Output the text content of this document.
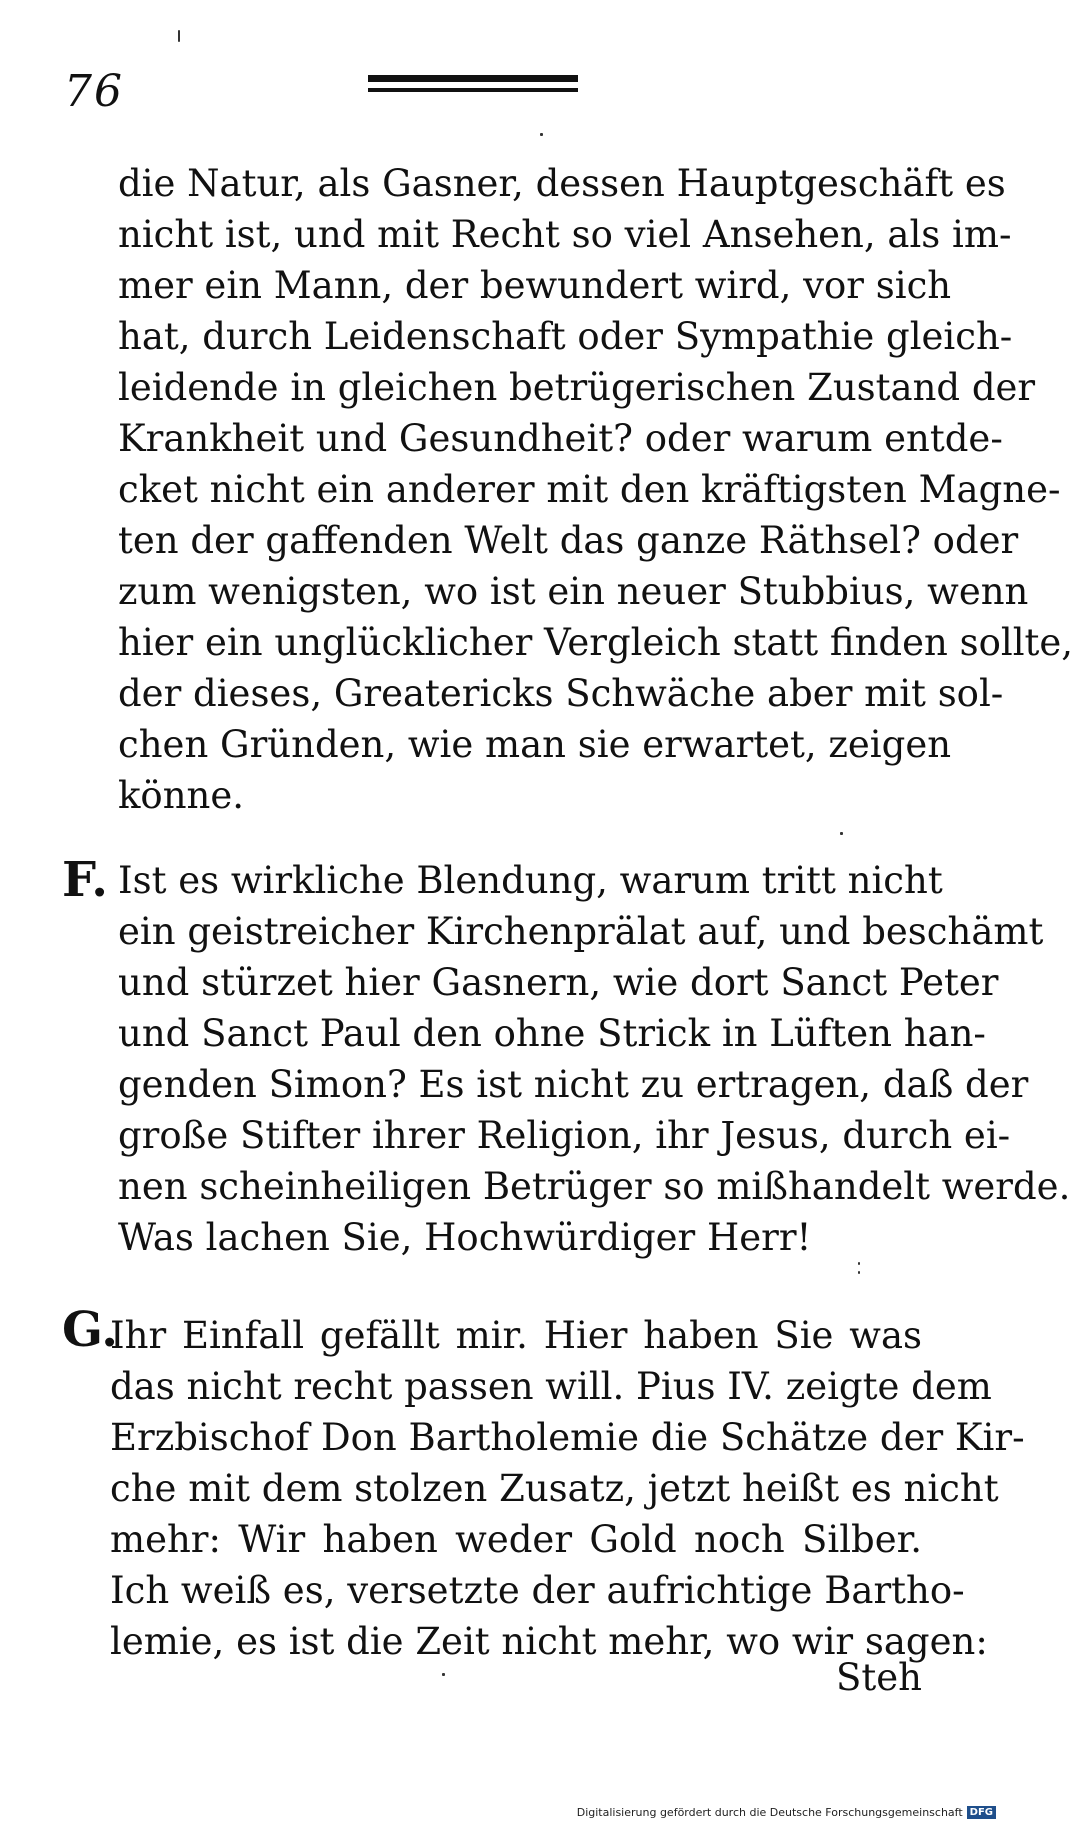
76
die Natur, als Gasner, dessen Hauptgeschäft es
nicht ist, und mit Recht so viel Ansehen, als im-
mer ein Mann, der bewundert wird, vor sich
hat, durch Leidenschaft oder Sympathie gleich-
leidende in gleichen betrügerischen Zustand der
Krankheit und Gesundheit? oder warum entde-
cket nicht ein anderer mit den kräftigsten Magne-
ten der gaffenden Welt das ganze Räthsel? oder
zum wenigsten, wo ist ein neuer Stubbius, wenn
hier ein unglücklicher Vergleich statt finden sollte,
der dieses, Greatericks Schwäche aber mit sol-
chen Gründen, wie man sie erwartet, zeigen
könne.
F. Ist es wirkliche Blendung, warum tritt nicht
ein geistreicher Kirchenprälat auf, und beschämt
und stürzet hier Gasnern, wie dort Sanct Peter
und Sanct Paul den ohne Strick in Lüften han-
genden Simon? Es ist nicht zu ertragen, daß der
große Stifter ihrer Religion, ihr Jesus, durch ei-
nen scheinheiligen Betrüger so mißhandelt werde.
Was lachen Sie, Hochwürdiger Herr!
G.
Ihr Einfall gefällt mir. Hier haben Sie was
das nicht recht passen will. Pius IV. zeigte dem
Erzbischof Don Bartholemie die Schätze der Kir-
che mit dem stolzen Zusatz, jetzt heißt es nicht
mehr: Wir haben weder Gold noch Silber.
Ich weiß es, versetzte der aufrichtige Bartho-
lemie, es ist die Zeit nicht mehr, wo wir sagen:
Steh
Digitalisierung gefördert durch die Deutsche Forschungsgemeinschaft DFG
